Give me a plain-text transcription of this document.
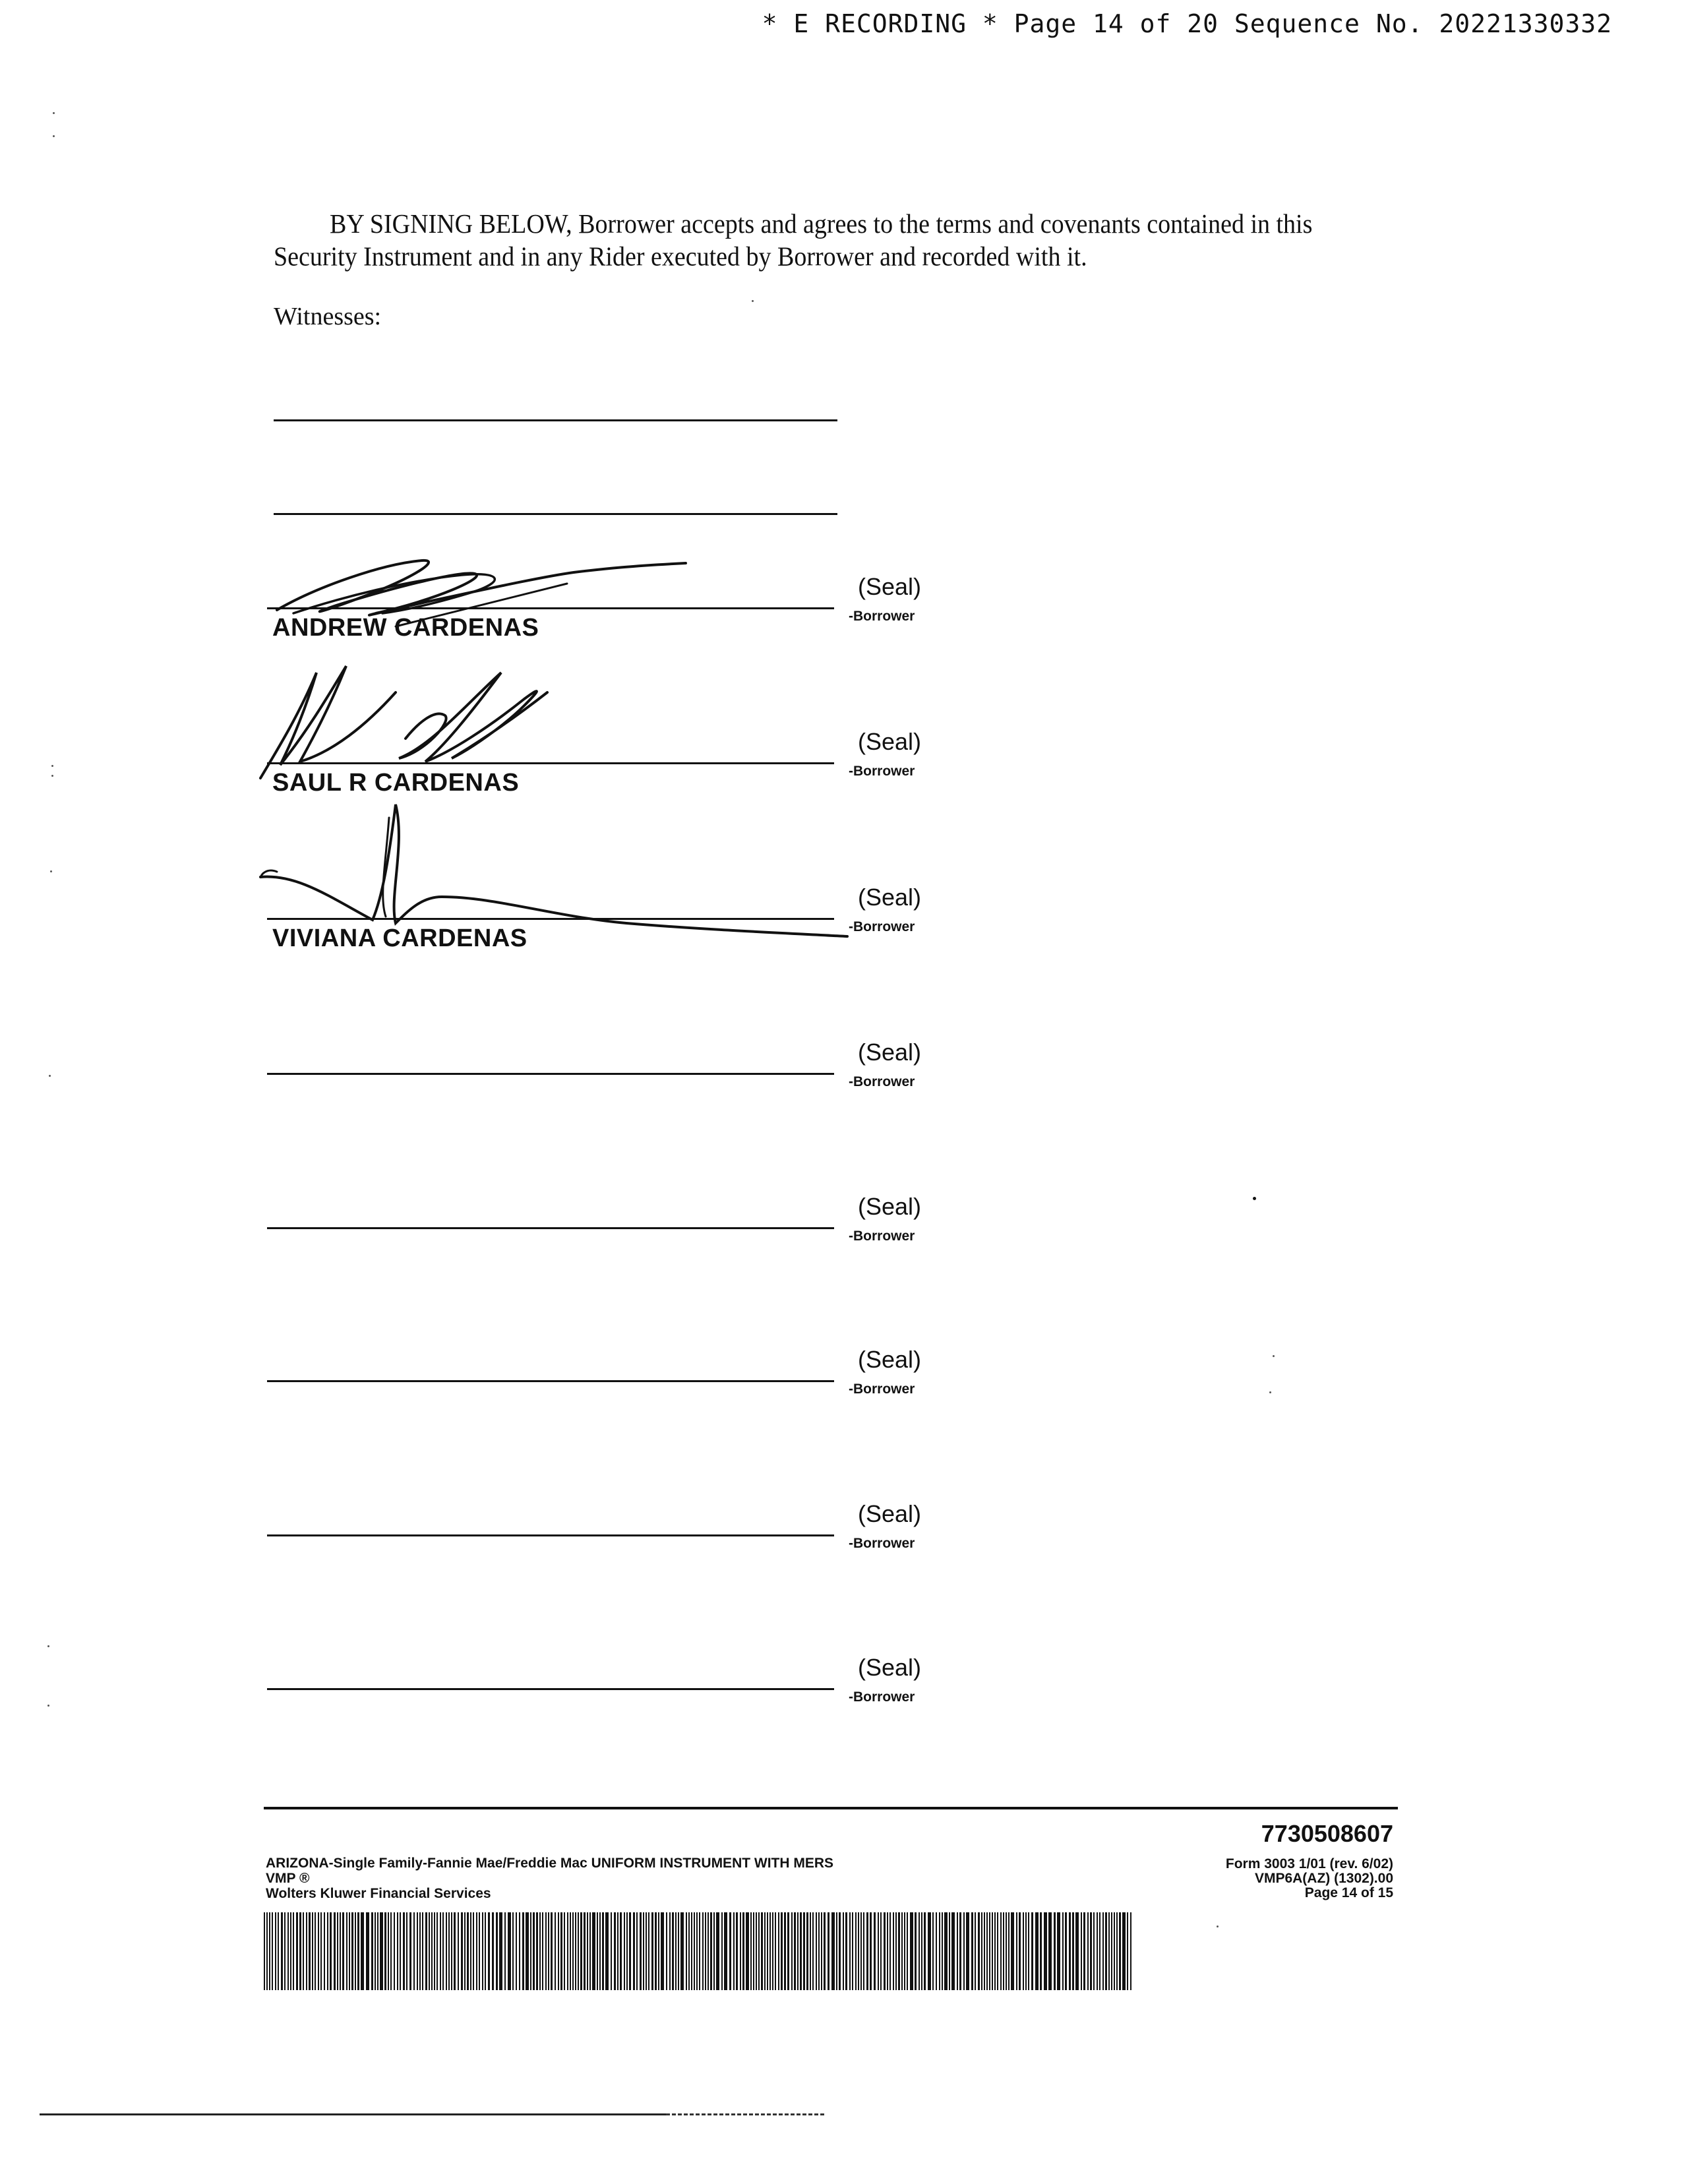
* E RECORDING * Page 14 of 20 Sequence No. 20221330332
BY SIGNING BELOW, Borrower accepts and agrees to the terms and covenants contained in this
Security Instrument and in any Rider executed by Borrower and recorded with it.
Witnesses:
ANDREW CARDENAS
(Seal)
-Borrower
SAUL R CARDENAS
(Seal)
-Borrower
VIVIANA CARDENAS
(Seal)
-Borrower
(Seal)
-Borrower
(Seal)
-Borrower
(Seal)
-Borrower
(Seal)
-Borrower
(Seal)
-Borrower
7730508607
ARIZONA-Single Family-Fannie Mae/Freddie Mac UNIFORM INSTRUMENT WITH MERS
VMP ®
Wolters Kluwer Financial Services
Form 3003 1/01 (rev. 6/02)
VMP6A(AZ) (1302).00
Page 14 of 15
